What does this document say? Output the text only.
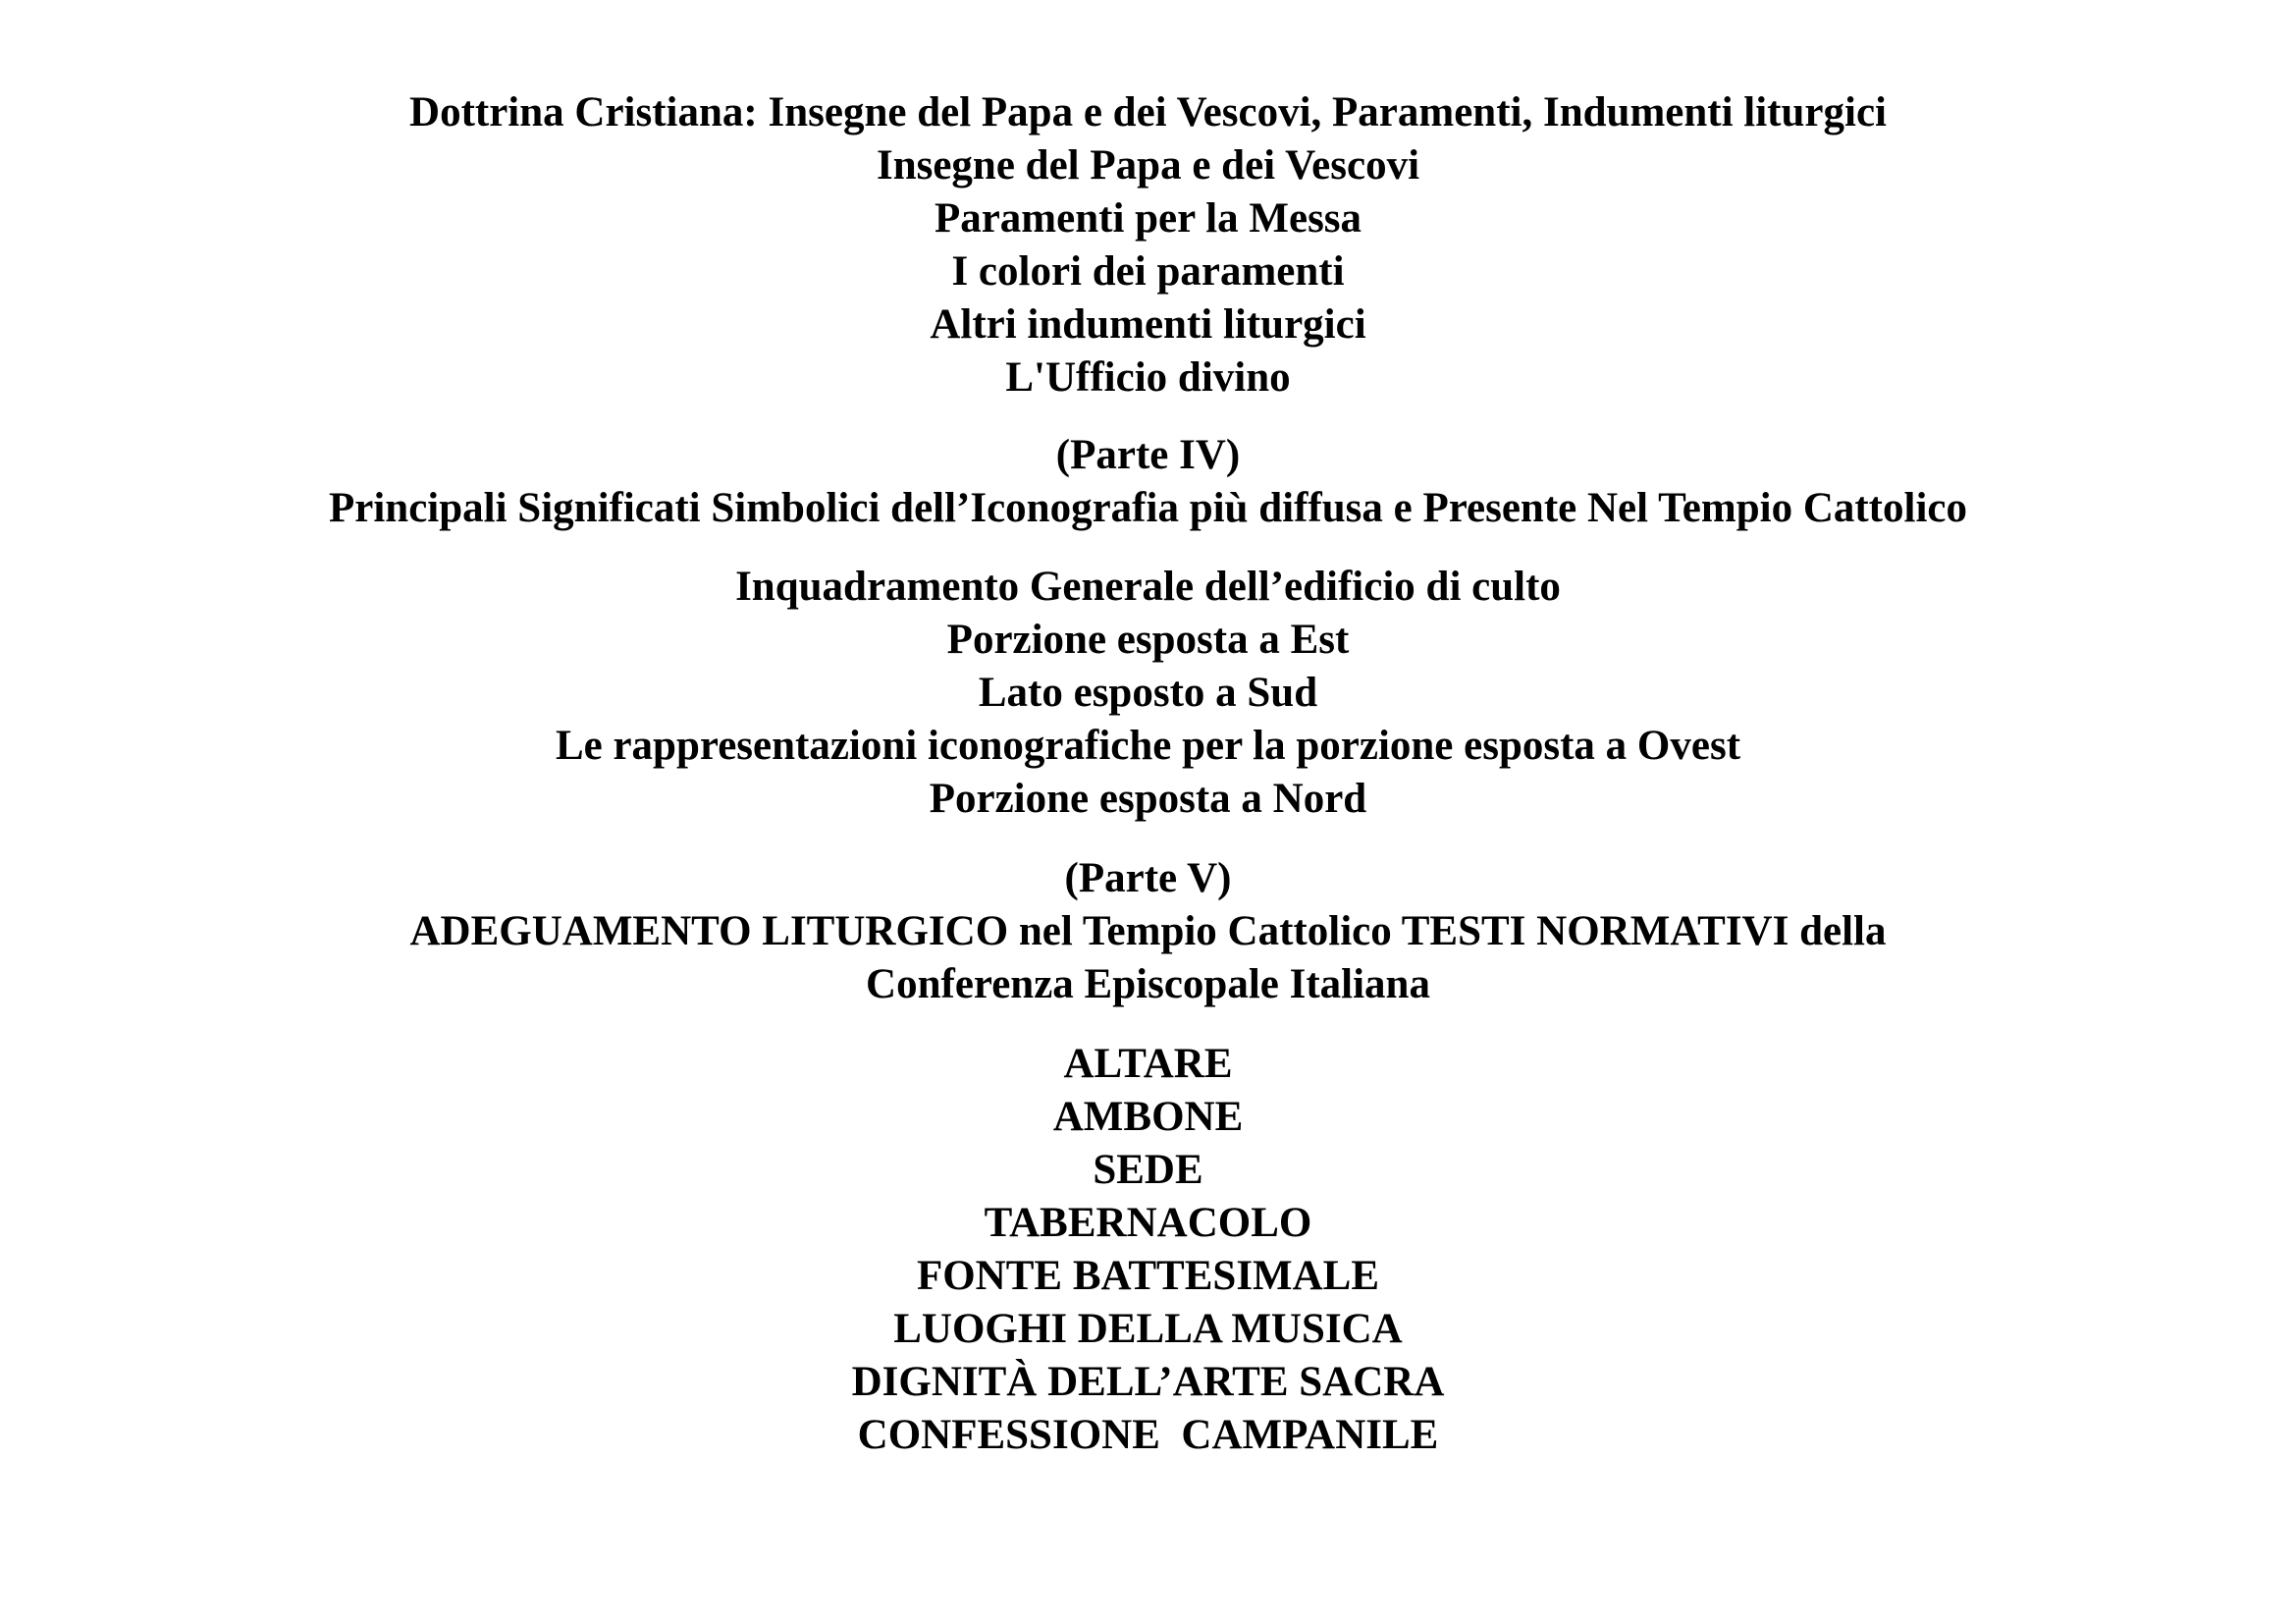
Dottrina Cristiana: Insegne del Papa e dei Vescovi, Paramenti, Indumenti liturgici
Insegne del Papa e dei Vescovi
Paramenti per la Messa
I colori dei paramenti
Altri indumenti liturgici
L'Ufficio divino
(Parte IV)
Principali Significati Simbolici dell’Iconografia più diffusa e Presente Nel Tempio Cattolico
Inquadramento Generale dell’edificio di culto
Porzione esposta a Est
Lato esposto a Sud
Le rappresentazioni iconografiche per la porzione esposta a Ovest
Porzione esposta a Nord
(Parte V)
ADEGUAMENTO LITURGICO nel Tempio Cattolico TESTI NORMATIVI della
Conferenza Episcopale Italiana
ALTARE
AMBONE
SEDE
TABERNACOLO
FONTE BATTESIMALE
LUOGHI DELLA MUSICA
DIGNITÀ DELL’ARTE SACRA
CONFESSIONE  CAMPANILE
